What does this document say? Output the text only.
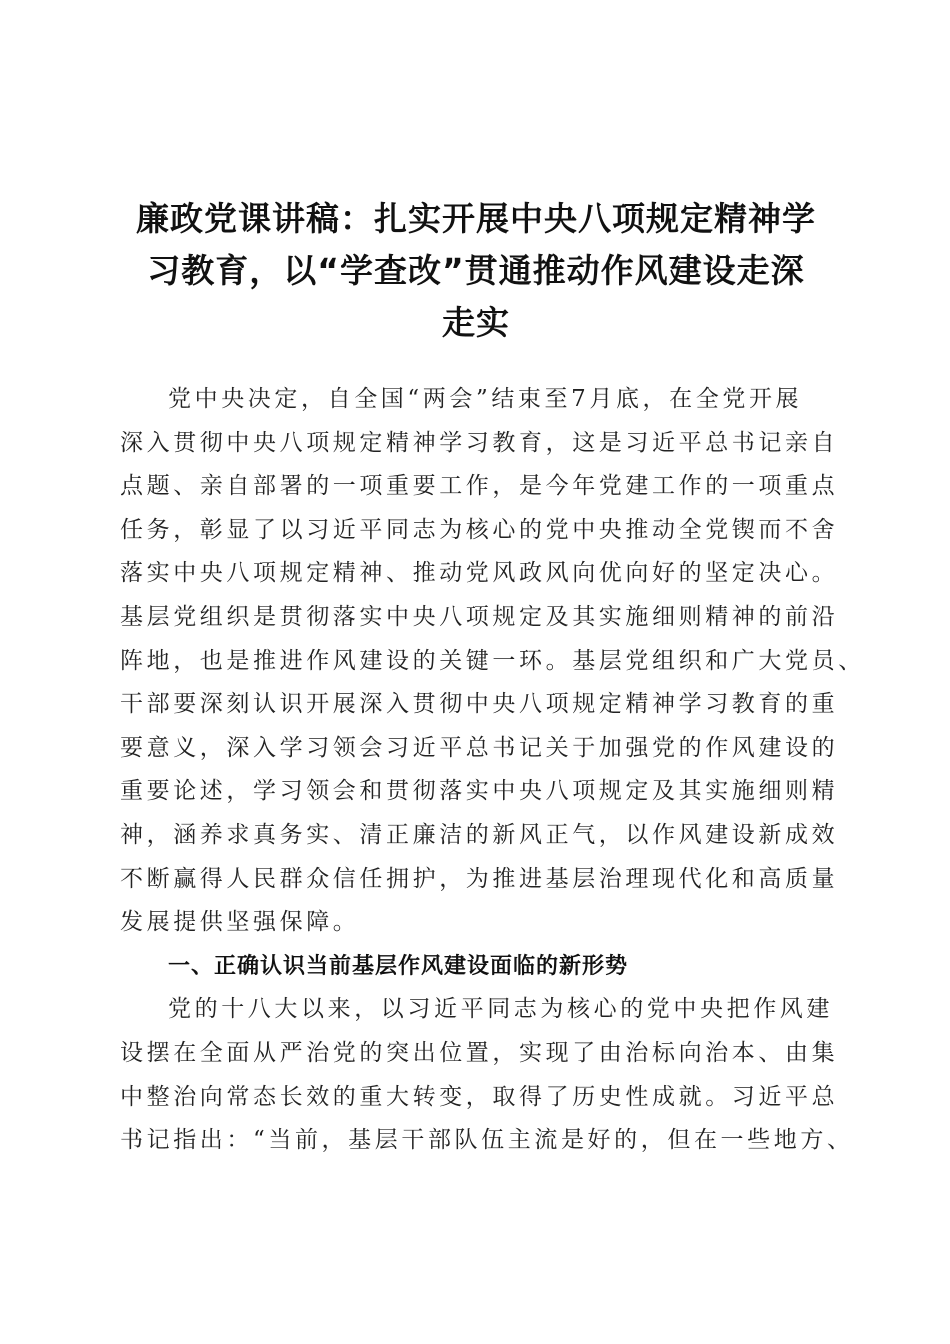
廉政党课讲稿：扎实开展中央八项规定精神学
习教育，以“学查改”贯通推动作风建设走深
走实

党中央决定，自全国“两会”结束至7月底，在全党开展
深入贯彻中央八项规定精神学习教育，这是习近平总书记亲自
点题、亲自部署的一项重要工作，是今年党建工作的一项重点
任务，彰显了以习近平同志为核心的党中央推动全党锲而不舍
落实中央八项规定精神、推动党风政风向优向好的坚定决心。
基层党组织是贯彻落实中央八项规定及其实施细则精神的前沿
阵地，也是推进作风建设的关键一环。基层党组织和广大党员、
干部要深刻认识开展深入贯彻中央八项规定精神学习教育的重
要意义，深入学习领会习近平总书记关于加强党的作风建设的
重要论述，学习领会和贯彻落实中央八项规定及其实施细则精
神，涵养求真务实、清正廉洁的新风正气，以作风建设新成效
不断赢得人民群众信任拥护，为推进基层治理现代化和高质量
发展提供坚强保障。

一、正确认识当前基层作风建设面临的新形势

党的十八大以来，以习近平同志为核心的党中央把作风建
设摆在全面从严治党的突出位置，实现了由治标向治本、由集
中整治向常态长效的重大转变，取得了历史性成就。习近平总
书记指出：“当前，基层干部队伍主流是好的，但在一些地方、
